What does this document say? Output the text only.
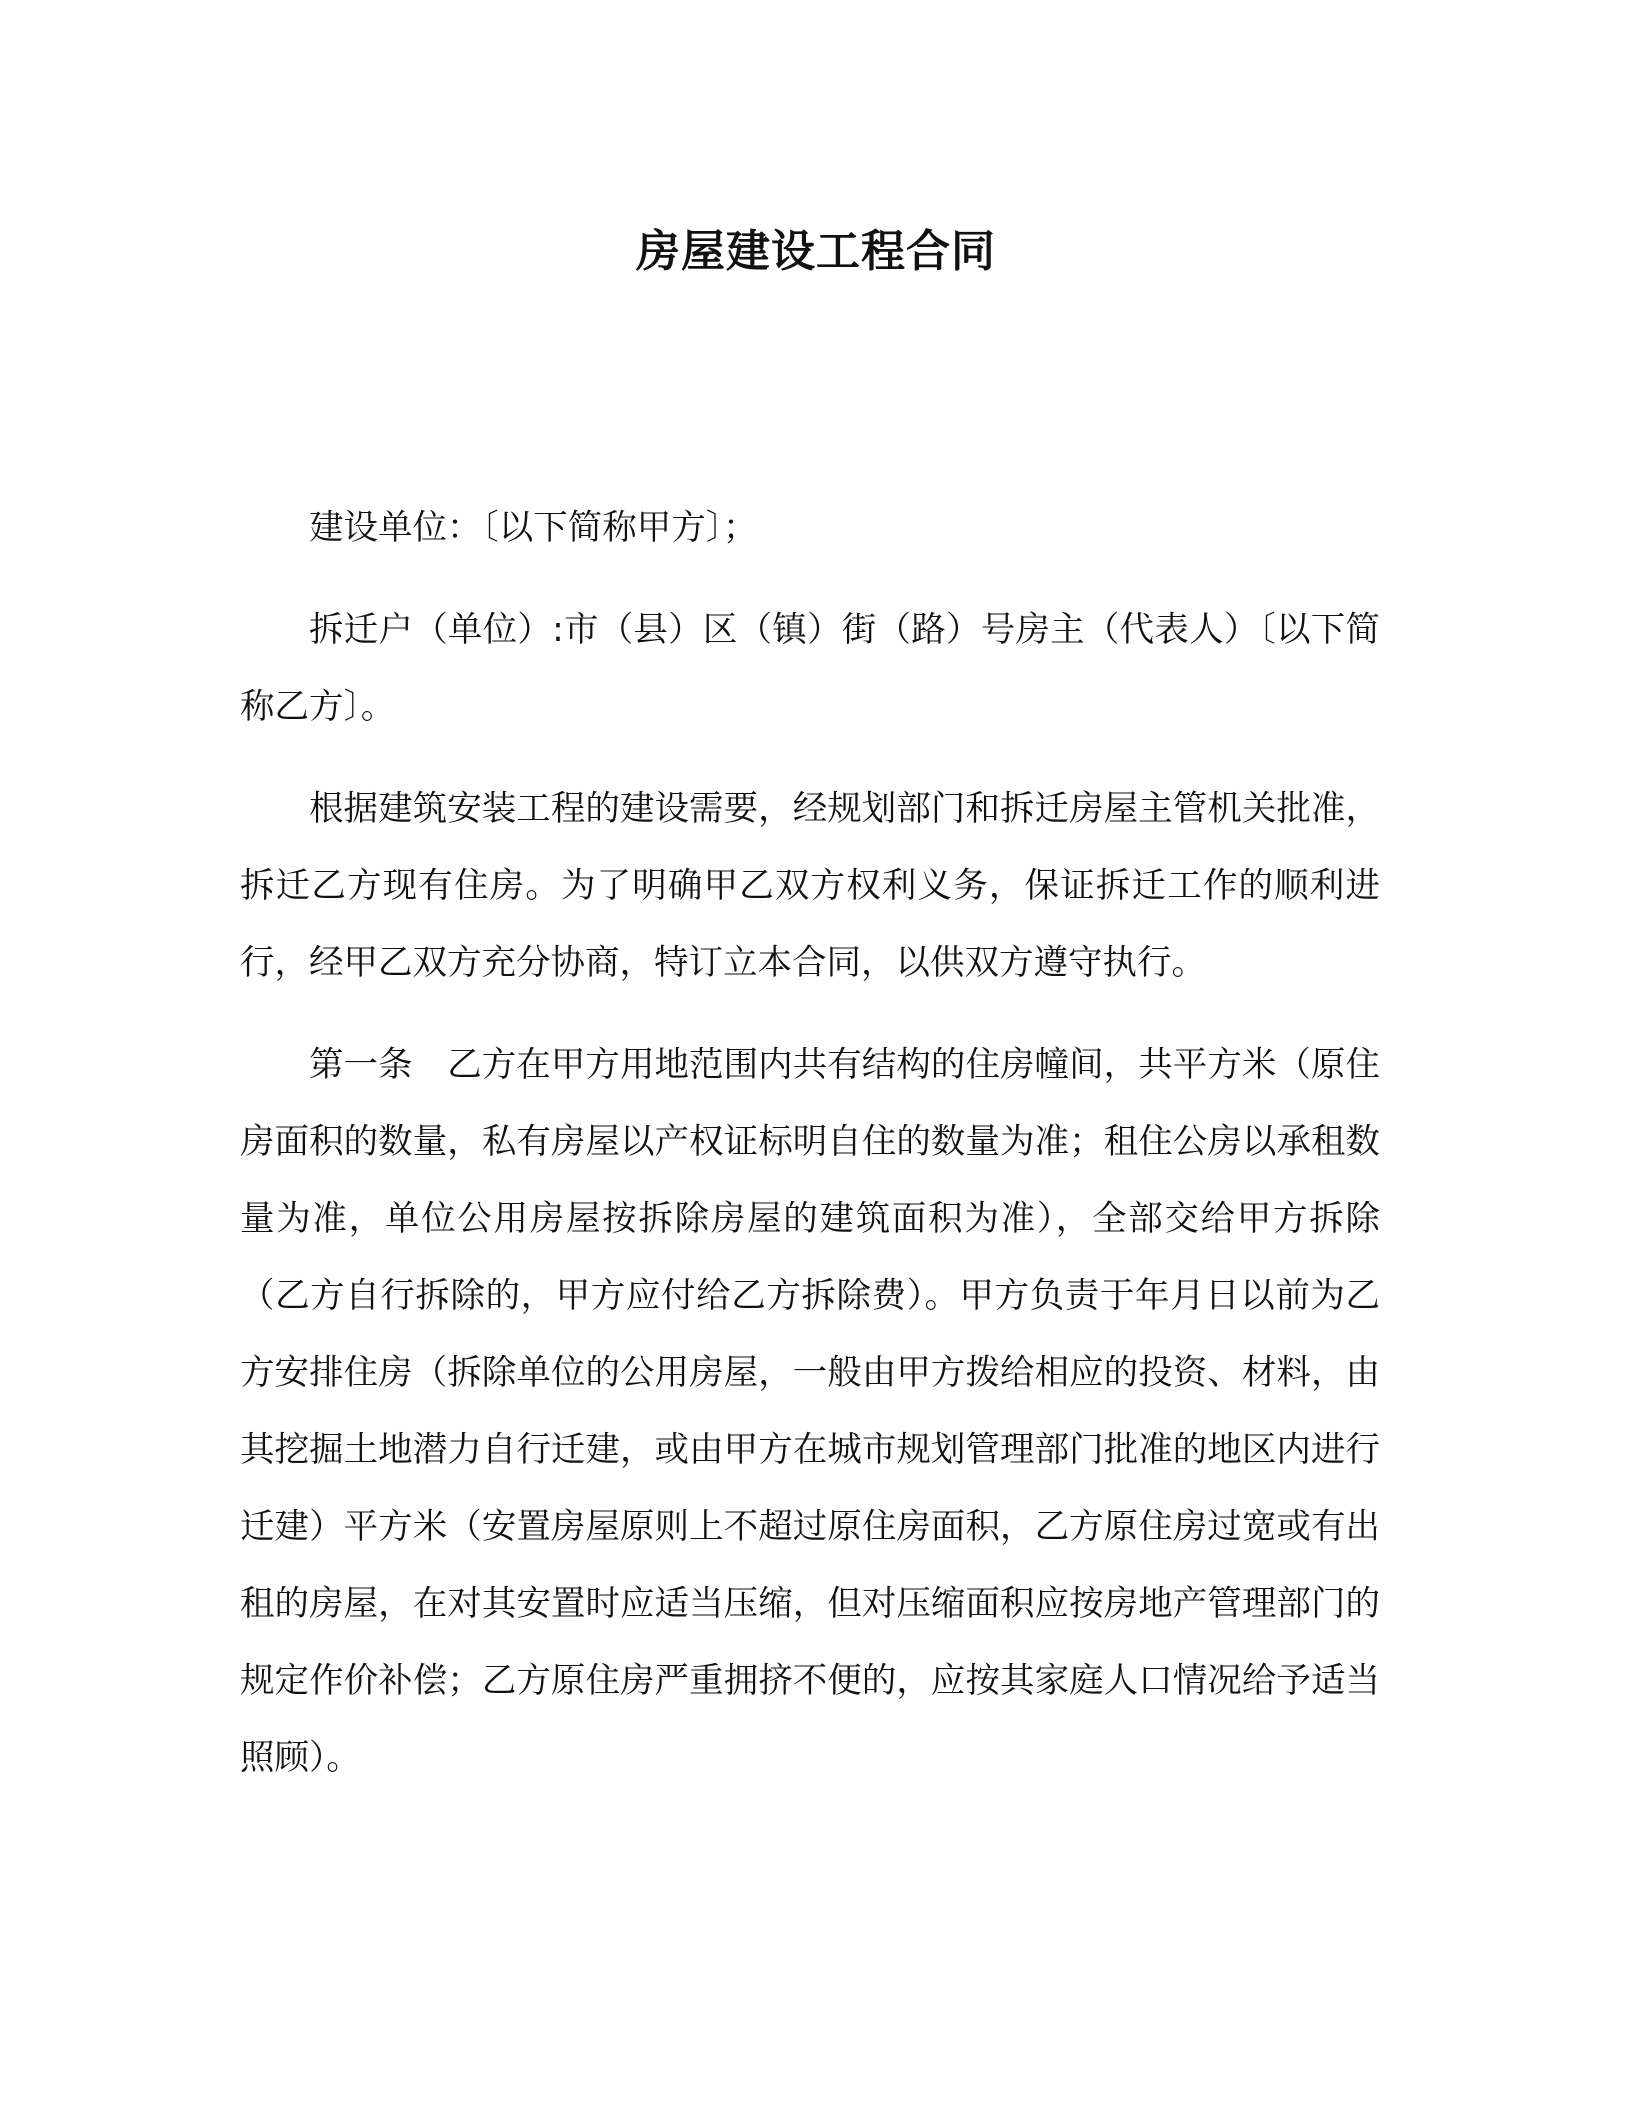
房屋建设工程合同

建设单位：〔以下简称甲方〕；

拆迁户（单位）:市（县）区（镇）街（路）号房主（代表人）〔以下简称乙方〕。

根据建筑安装工程的建设需要，经规划部门和拆迁房屋主管机关批准，拆迁乙方现有住房。为了明确甲乙双方权利义务，保证拆迁工作的顺利进行，经甲乙双方充分协商，特订立本合同，以供双方遵守执行。

第一条　乙方在甲方用地范围内共有结构的住房幢间，共平方米（原住房面积的数量，私有房屋以产权证标明自住的数量为准；租住公房以承租数量为准，单位公用房屋按拆除房屋的建筑面积为准），全部交给甲方拆除（乙方自行拆除的，甲方应付给乙方拆除费）。甲方负责于年月日以前为乙方安排住房（拆除单位的公用房屋，一般由甲方拨给相应的投资、材料，由其挖掘土地潜力自行迁建，或由甲方在城市规划管理部门批准的地区内进行迁建）平方米（安置房屋原则上不超过原住房面积，乙方原住房过宽或有出租的房屋，在对其安置时应适当压缩，但对压缩面积应按房地产管理部门的规定作价补偿；乙方原住房严重拥挤不便的，应按其家庭人口情况给予适当照顾）。
